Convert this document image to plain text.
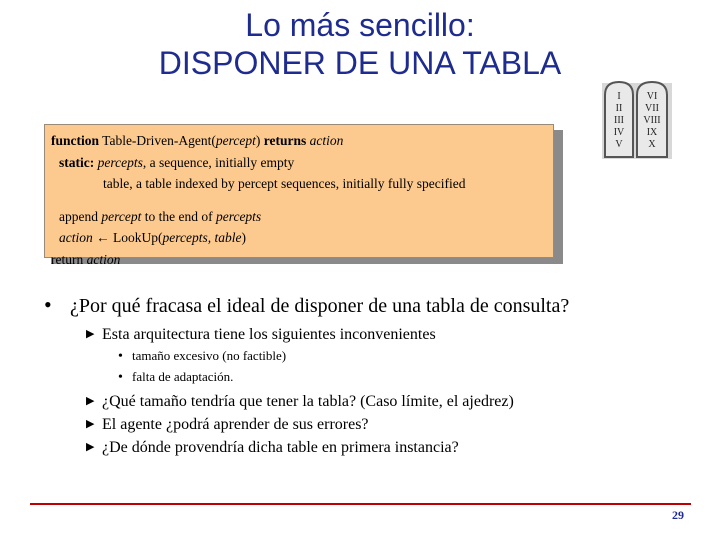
Lo más sencillo:
DISPONER DE UNA TABLA
I
II
III
IV
V
VI
VII
VIII
IX
X
function Table-Driven-Agent(percept) returns action
static: percepts, a sequence, initially empty
table, a table indexed by percept sequences, initially fully specified
append percept to the end of percepts
action ← LookUp(percepts, table)
return action
• ¿Por qué fracasa el ideal de disponer de una tabla de consulta?
▶ Esta arquitectura tiene los siguientes inconvenientes
• tamaño excesivo (no factible)
• falta de adaptación.
▶ ¿Qué tamaño tendría que tener la tabla? (Caso límite, el ajedrez)
▶ El agente ¿podrá aprender de sus errores?
▶ ¿De dónde provendría dicha table en primera instancia?
29
